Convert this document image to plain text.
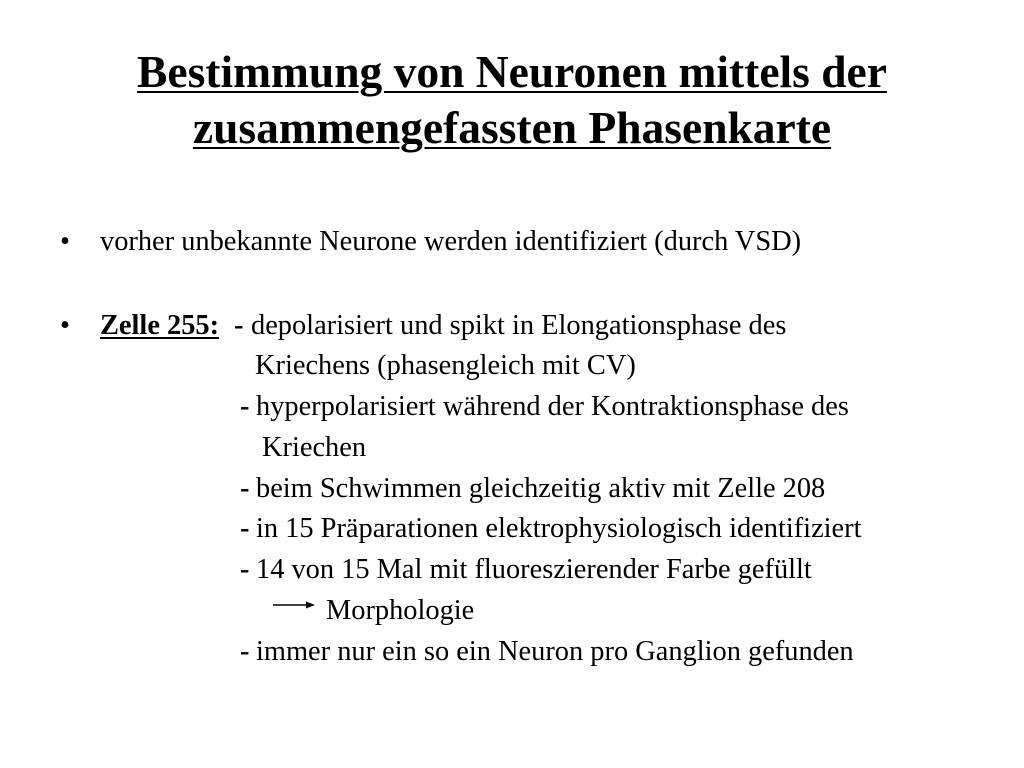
Bestimmung von Neuronen mittels der
zusammengefassten Phasenkarte
• vorher unbekannte Neurone werden identifiziert (durch VSD)
• Zelle 255: - depolarisiert und spikt in Elongationsphase des
Kriechens (phasengleich mit CV)
- hyperpolarisiert während der Kontraktionsphase des
Kriechen
- beim Schwimmen gleichzeitig aktiv mit Zelle 208
- in 15 Präparationen elektrophysiologisch identifiziert
- 14 von 15 Mal mit fluoreszierender Farbe gefüllt
Morphologie
- immer nur ein so ein Neuron pro Ganglion gefunden
